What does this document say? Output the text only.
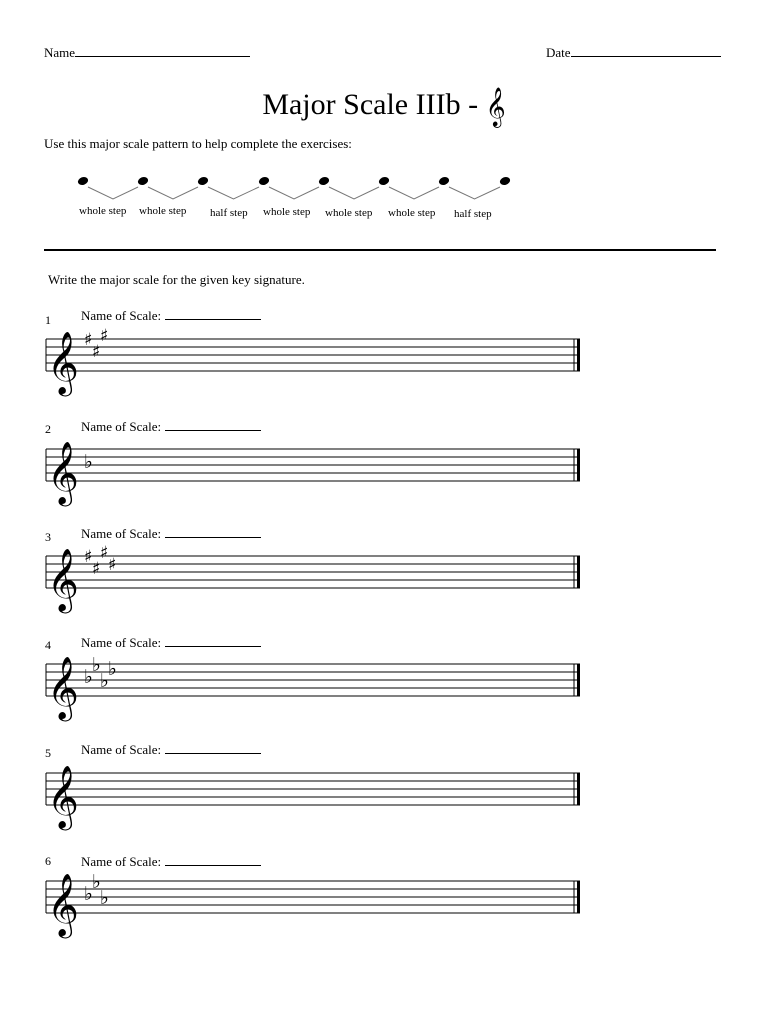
Name	Date
Major Scale IIIb - 𝄞
Use this major scale pattern to help complete the exercises:
whole step whole step half step whole step whole step whole step half step
Write the major scale for the given key signature.
1 Name of Scale:
𝄞 ♯
♯
♯
2 Name of Scale:
𝄞 ♭
3 Name of Scale:
𝄞 ♯
♯
♯
♯
4 Name of Scale:
𝄞 ♭
♭
♭
♭
5 Name of Scale:
𝄞
6 Name of Scale:
𝄞 ♭
♭
♭
